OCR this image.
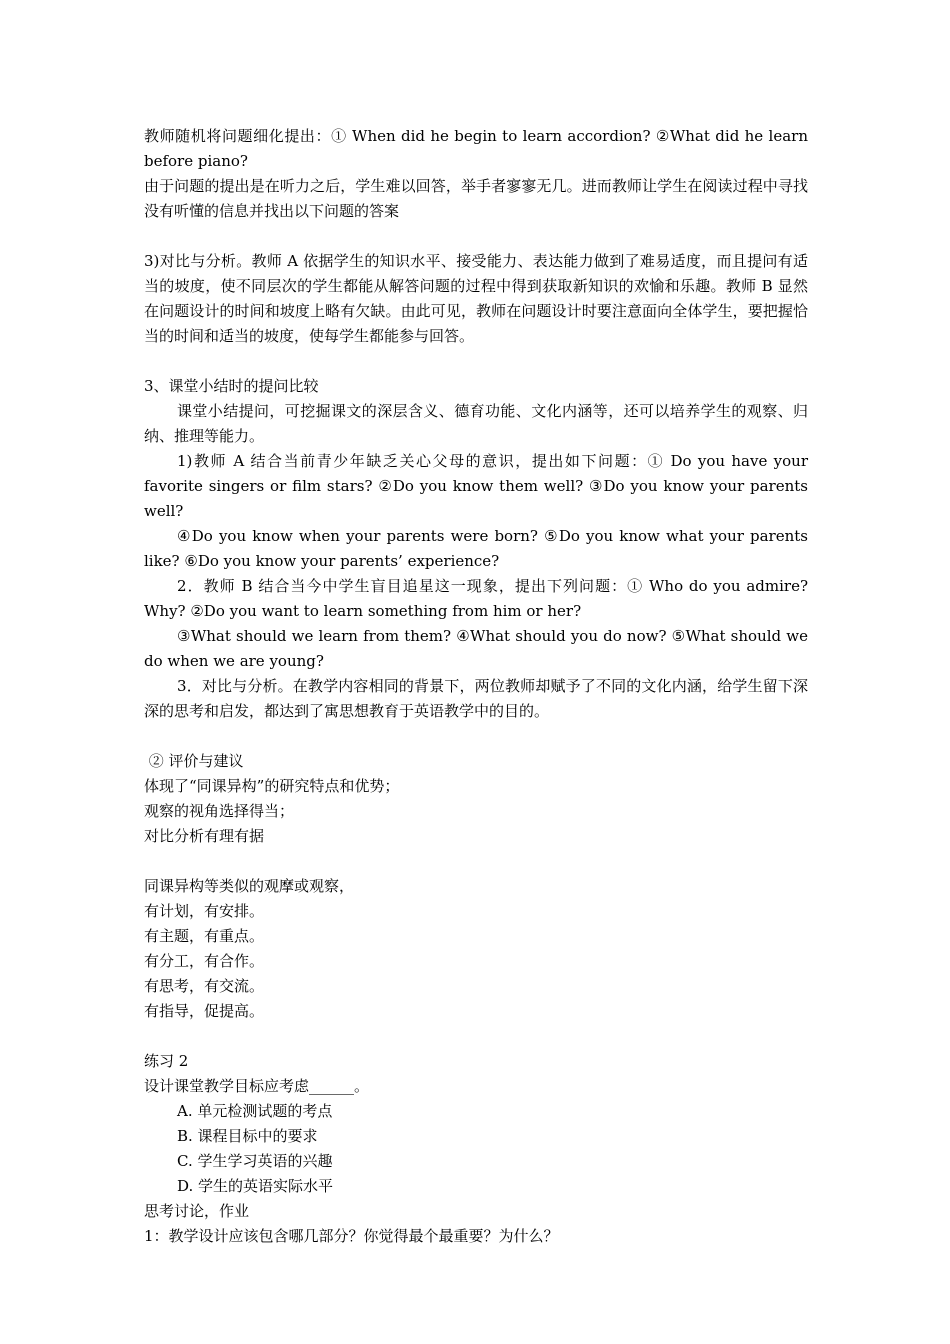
教师随机将问题细化提出：① When did he begin to learn accordion? ②What did he learn before piano?

由于问题的提出是在听力之后，学生难以回答，举手者寥寥无几。进而教师让学生在阅读过程中寻找没有听懂的信息并找出以下问题的答案

3)对比与分析。教师 A 依据学生的知识水平、接受能力、表达能力做到了难易适度，而且提问有适当的坡度，使不同层次的学生都能从解答问题的过程中得到获取新知识的欢愉和乐趣。教师 B 显然在问题设计的时间和坡度上略有欠缺。由此可见，教师在问题设计时要注意面向全体学生，要把握恰当的时间和适当的坡度，使每学生都能参与回答。

3、课堂小结时的提问比较

课堂小结提问，可挖掘课文的深层含义、德育功能、文化内涵等，还可以培养学生的观察、归纳、推理等能力。

1)教师 A 结合当前青少年缺乏关心父母的意识，提出如下问题：① Do you have your favorite singers or film stars? ②Do you know them well? ③Do you know your parents well?

④Do you know when your parents were born? ⑤Do you know what your parents like? ⑥Do you know your parents’ experience?

2．教师 B 结合当今中学生盲目追星这一现象，提出下列问题：① Who do you admire? Why? ②Do you want to learn something from him or her?

③What should we learn from them? ④What should you do now? ⑤What should we do when we are young?

3．对比与分析。在教学内容相同的背景下，两位教师却赋予了不同的文化内涵，给学生留下深深的思考和启发，都达到了寓思想教育于英语教学中的目的。

② 评价与建议

体现了“同课异构”的研究特点和优势；

观察的视角选择得当；

对比分析有理有据

同课异构等类似的观摩或观察，

有计划，有安排。

有主题，有重点。

有分工，有合作。

有思考，有交流。

有指导，促提高。

练习 2

设计课堂教学目标应考虑______。

A. 单元检测试题的考点

B. 课程目标中的要求

C. 学生学习英语的兴趣

D. 学生的英语实际水平

思考讨论，作业

1：教学设计应该包含哪几部分？你觉得最个最重要？为什么？
